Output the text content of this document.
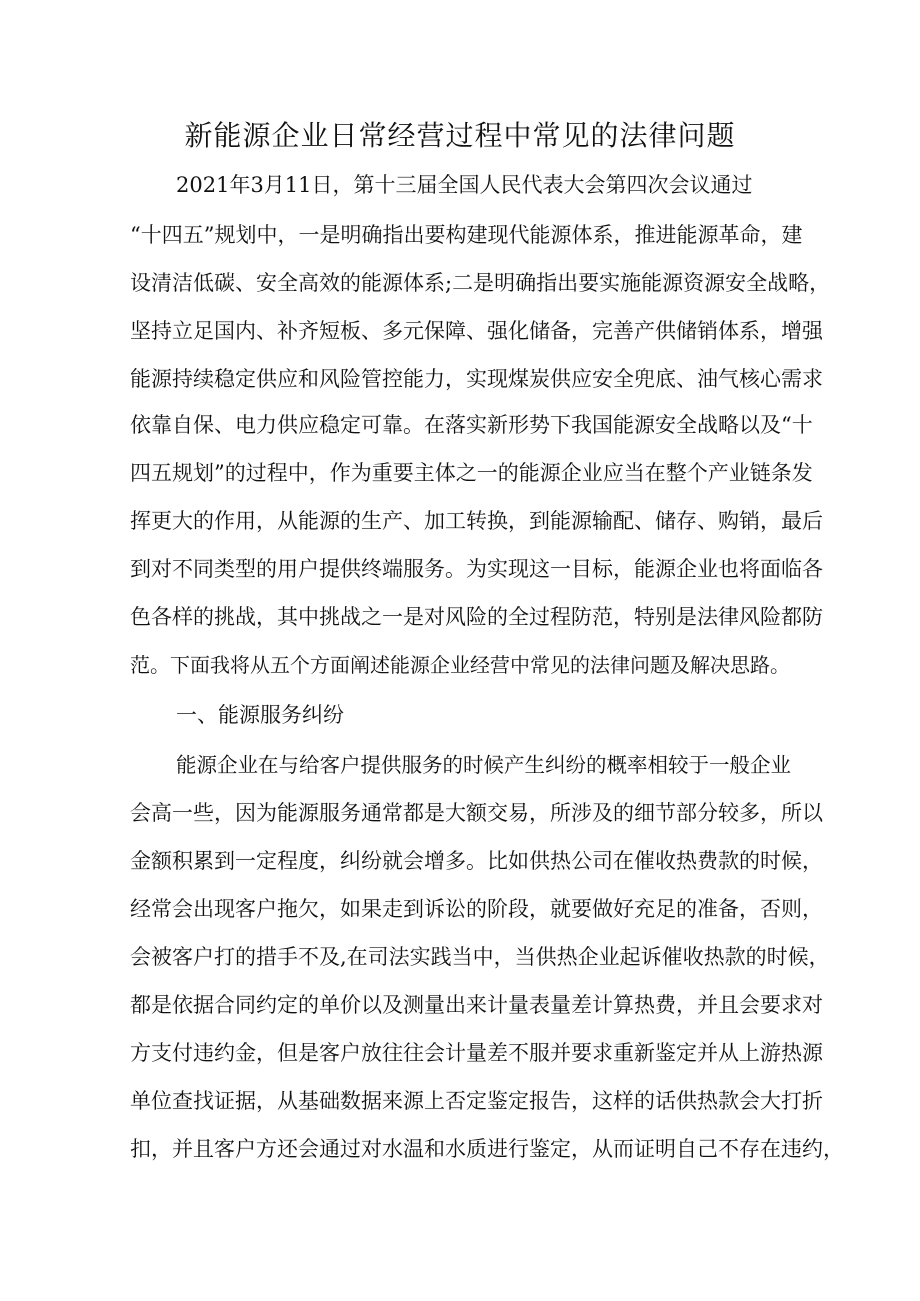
新能源企业日常经营过程中常见的法律问题
2021年3月11日，第十三届全国人民代表大会第四次会议通过
“十四五”规划中，一是明确指出要构建现代能源体系，推进能源革命，建
设清洁低碳、安全高效的能源体系;二是明确指出要实施能源资源安全战略，
坚持立足国内、补齐短板、多元保障、强化储备，完善产供储销体系，增强
能源持续稳定供应和风险管控能力，实现煤炭供应安全兜底、油气核心需求
依靠自保、电力供应稳定可靠。在落实新形势下我国能源安全战略以及“十
四五规划”的过程中，作为重要主体之一的能源企业应当在整个产业链条发
挥更大的作用，从能源的生产、加工转换，到能源输配、储存、购销，最后
到对不同类型的用户提供终端服务。为实现这一目标，能源企业也将面临各
色各样的挑战，其中挑战之一是对风险的全过程防范，特别是法律风险都防
范。下面我将从五个方面阐述能源企业经营中常见的法律问题及解决思路。
一、能源服务纠纷
能源企业在与给客户提供服务的时候产生纠纷的概率相较于一般企业
会高一些，因为能源服务通常都是大额交易，所涉及的细节部分较多，所以
金额积累到一定程度，纠纷就会增多。比如供热公司在催收热费款的时候，
经常会出现客户拖欠，如果走到诉讼的阶段，就要做好充足的准备，否则，
会被客户打的措手不及,在司法实践当中，当供热企业起诉催收热款的时候，
都是依据合同约定的单价以及测量出来计量表量差计算热费，并且会要求对
方支付违约金，但是客户放往往会计量差不服并要求重新鉴定并从上游热源
单位查找证据，从基础数据来源上否定鉴定报告，这样的话供热款会大打折
扣，并且客户方还会通过对水温和水质进行鉴定，从而证明自己不存在违约，
